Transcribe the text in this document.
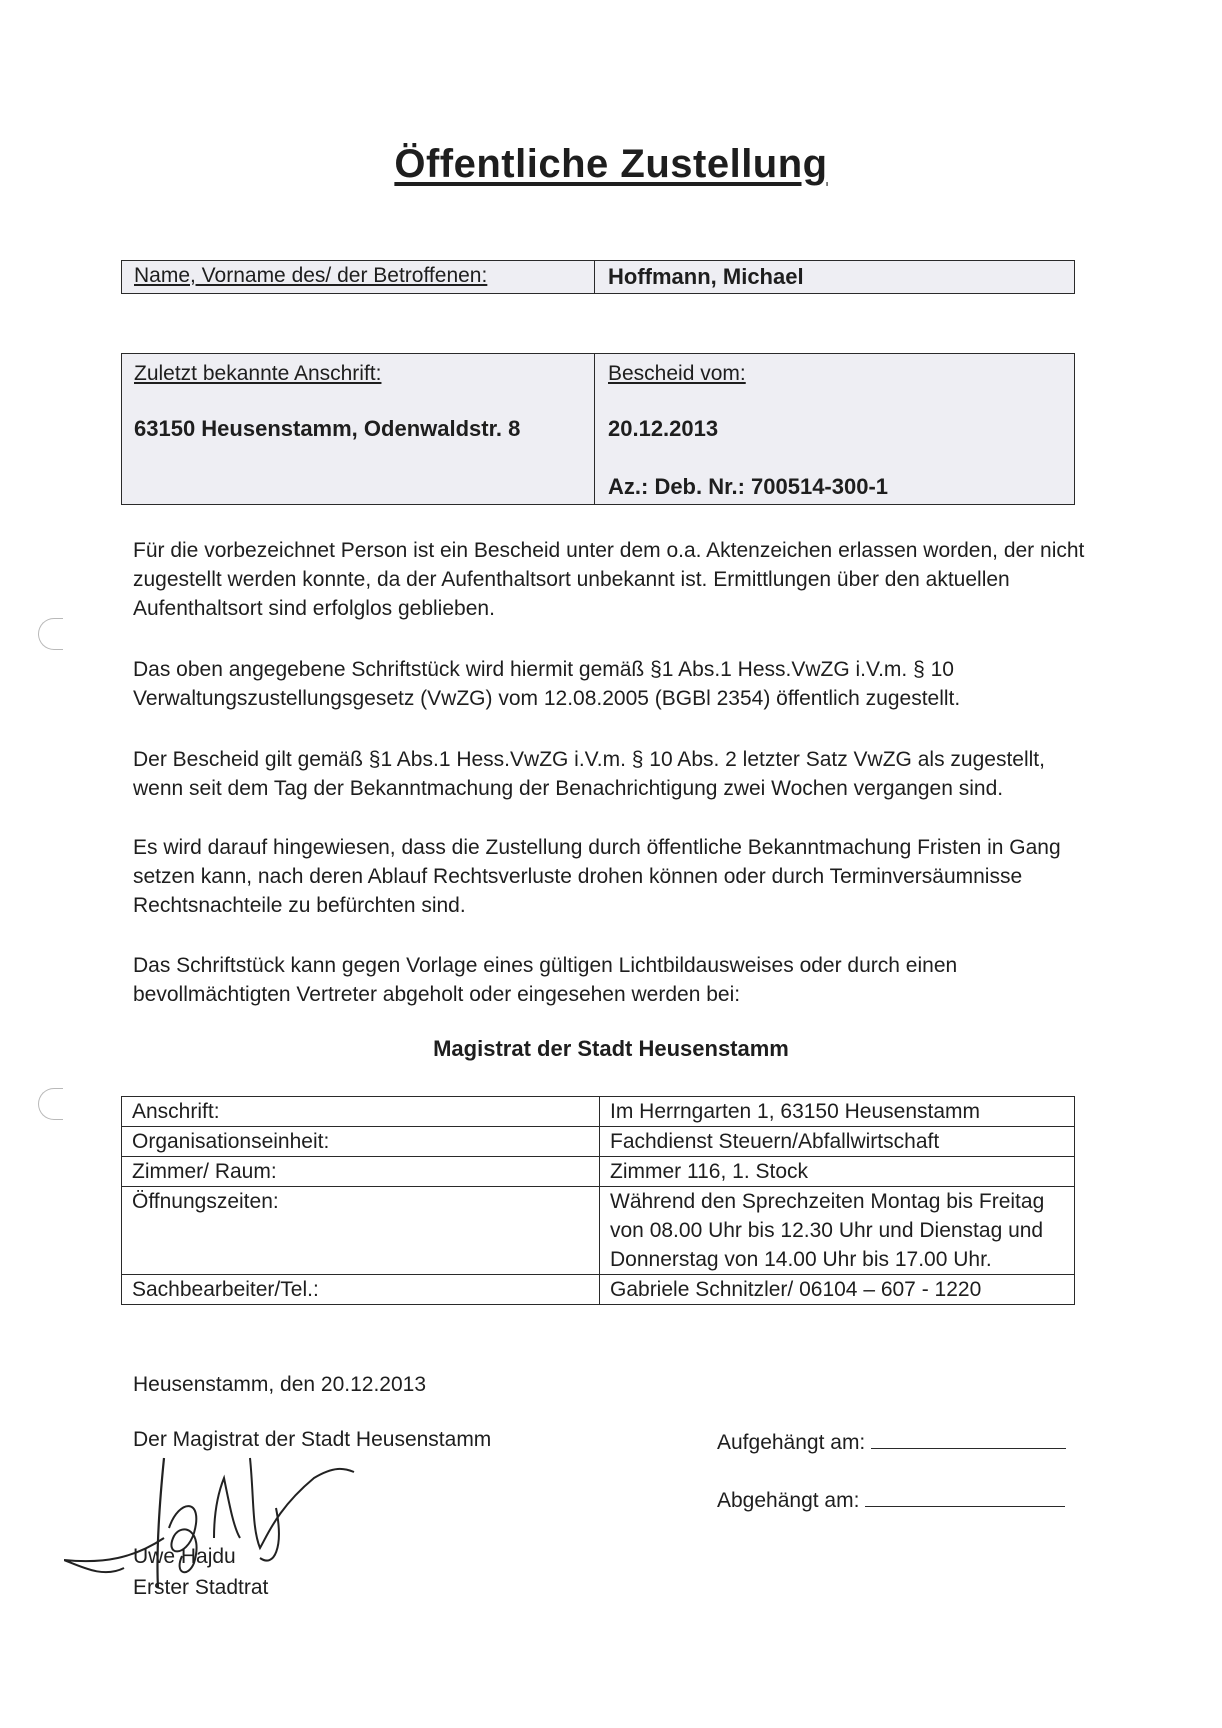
Öffentliche Zustellung
Name, Vorname des/ der Betroffenen:	Hoffmann, Michael
Zuletzt bekannte Anschrift:
63150 Heusenstamm, Odenwaldstr. 8
Bescheid vom:
20.12.2013
Az.: Deb. Nr.: 700514-300-1

Für die vorbezeichnet Person ist ein Bescheid unter dem o.a. Aktenzeichen erlassen worden, der nicht zugestellt werden konnte, da der Aufenthaltsort unbekannt ist. Ermittlungen über den aktuellen Aufenthaltsort sind erfolglos geblieben.

Das oben angegebene Schriftstück wird hiermit gemäß §1 Abs.1 Hess.VwZG i.V.m. § 10 Verwaltungszustellungsgesetz (VwZG) vom 12.08.2005 (BGBl 2354) öffentlich zugestellt.

Der Bescheid gilt gemäß §1 Abs.1 Hess.VwZG i.V.m. § 10 Abs. 2 letzter Satz VwZG als zugestellt, wenn seit dem Tag der Bekanntmachung der Benachrichtigung zwei Wochen vergangen sind.

Es wird darauf hingewiesen, dass die Zustellung durch öffentliche Bekanntmachung Fristen in Gang setzen kann, nach deren Ablauf Rechtsverluste drohen können oder durch Terminversäumnisse Rechtsnachteile zu befürchten sind.

Das Schriftstück kann gegen Vorlage eines gültigen Lichtbildausweises oder durch einen bevollmächtigten Vertreter abgeholt oder eingesehen werden bei:

Magistrat der Stadt Heusenstamm
Anschrift:	Im Herrngarten 1, 63150 Heusenstamm
Organisationseinheit:	Fachdienst Steuern/Abfallwirtschaft
Zimmer/ Raum:	Zimmer 116, 1. Stock
Öffnungszeiten:	Während den Sprechzeiten Montag bis Freitag von 08.00 Uhr bis 12.30 Uhr und Dienstag und Donnerstag von 14.00 Uhr bis 17.00 Uhr.
Sachbearbeiter/Tel.:	Gabriele Schnitzler/ 06104 – 607 - 1220
Heusenstamm, den 20.12.2013
Der Magistrat der Stadt Heusenstamm	Aufgehängt am:
Abgehängt am:
Uwe Hajdu
Erster Stadtrat
